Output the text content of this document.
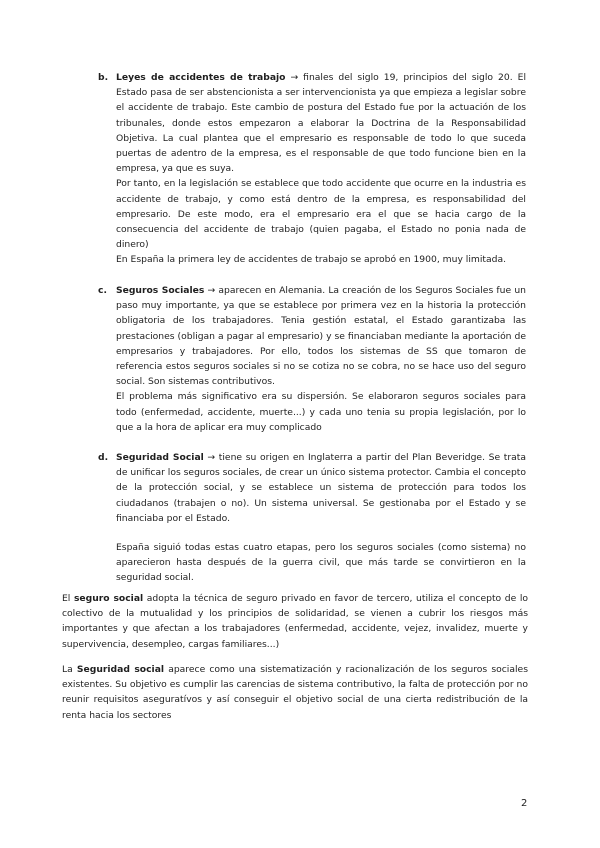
b. Leyes de accidentes de trabajo → finales del siglo 19, principios del siglo 20. El Estado pasa de ser abstencionista a ser intervencionista ya que empieza a legislar sobre el accidente de trabajo. Este cambio de postura del Estado fue por la actuación de los tribunales, donde estos empezaron a elaborar la Doctrina de la Responsabilidad Objetiva. La cual plantea que el empresario es responsable de todo lo que suceda puertas de adentro de la empresa, es el responsable de que todo funcione bien en la empresa, ya que es suya.

Por tanto, en la legislación se establece que todo accidente que ocurre en la industria es accidente de trabajo, y como está dentro de la empresa, es responsabilidad del empresario. De este modo, era el empresario era el que se hacia cargo de la consecuencia del accidente de trabajo (quien pagaba, el Estado no ponia nada de dinero)

En España la primera ley de accidentes de trabajo se aprobó en 1900, muy limitada.

c. Seguros Sociales → aparecen en Alemania. La creación de los Seguros Sociales fue un paso muy importante, ya que se establece por primera vez en la historia la protección obligatoria de los trabajadores. Tenia gestión estatal, el Estado garantizaba las prestaciones (obligan a pagar al empresario) y se financiaban mediante la aportación de empresarios y trabajadores. Por ello, todos los sistemas de SS que tomaron de referencia estos seguros sociales si no se cotiza no se cobra, no se hace uso del seguro social. Son sistemas contributivos.

El problema más significativo era su dispersión. Se elaboraron seguros sociales para todo (enfermedad, accidente, muerte...) y cada uno tenia su propia legislación, por lo que a la hora de aplicar era muy complicado

d. Seguridad Social → tiene su origen en Inglaterra a partir del Plan Beveridge. Se trata de unificar los seguros sociales, de crear un único sistema protector. Cambia el concepto de la protección social, y se establece un sistema de protección para todos los ciudadanos (trabajen o no). Un sistema universal. Se gestionaba por el Estado y se financiaba por el Estado.

España siguió todas estas cuatro etapas, pero los seguros sociales (como sistema) no aparecieron hasta después de la guerra civil, que más tarde se convirtieron en la seguridad social.

El seguro social adopta la técnica de seguro privado en favor de tercero, utiliza el concepto de lo colectivo de la mutualidad y los principios de solidaridad, se vienen a cubrir los riesgos más importantes y que afectan a los trabajadores (enfermedad, accidente, vejez, invalidez, muerte y supervivencia, desempleo, cargas familiares...)

La Seguridad social aparece como una sistematización y racionalización de los seguros sociales existentes. Su objetivo es cumplir las carencias de sistema contributivo, la falta de protección por no reunir requisitos aseguratívos y así conseguir el objetivo social de una cierta redistribución de la renta hacia los sectores

2
